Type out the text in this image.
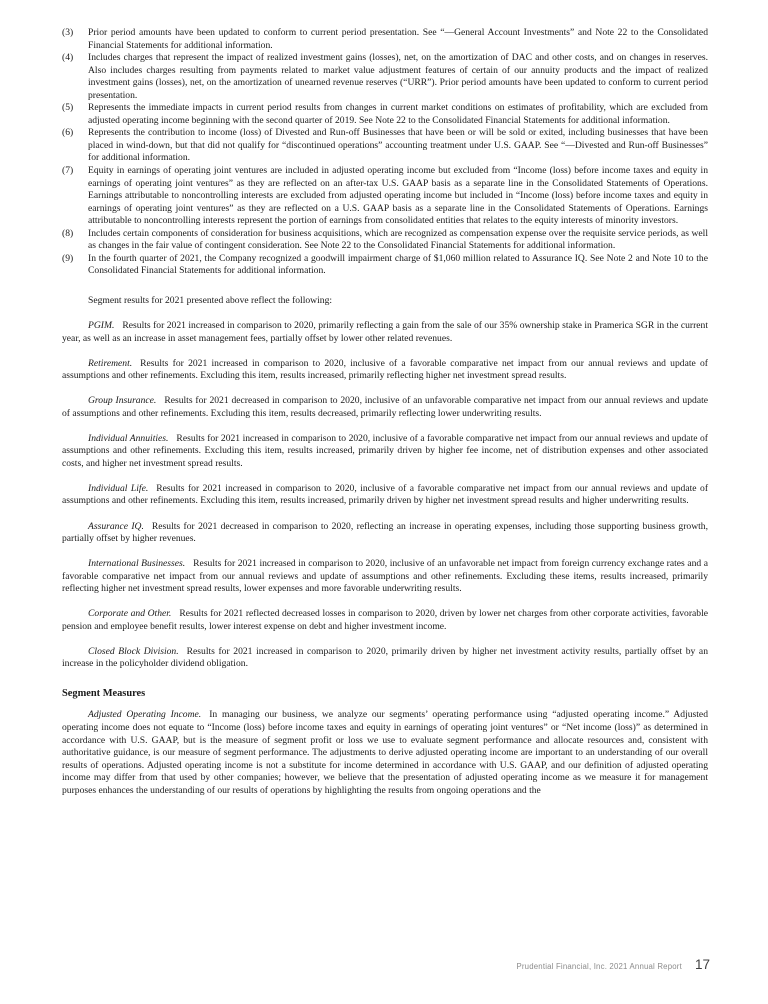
(3) Prior period amounts have been updated to conform to current period presentation. See “—General Account Investments” and Note 22 to the Consolidated Financial Statements for additional information.
(4) Includes charges that represent the impact of realized investment gains (losses), net, on the amortization of DAC and other costs, and on changes in reserves. Also includes charges resulting from payments related to market value adjustment features of certain of our annuity products and the impact of realized investment gains (losses), net, on the amortization of unearned revenue reserves (“URR”). Prior period amounts have been updated to conform to current period presentation.
(5) Represents the immediate impacts in current period results from changes in current market conditions on estimates of profitability, which are excluded from adjusted operating income beginning with the second quarter of 2019. See Note 22 to the Consolidated Financial Statements for additional information.
(6) Represents the contribution to income (loss) of Divested and Run-off Businesses that have been or will be sold or exited, including businesses that have been placed in wind-down, but that did not qualify for “discontinued operations” accounting treatment under U.S. GAAP. See “—Divested and Run-off Businesses” for additional information.
(7) Equity in earnings of operating joint ventures are included in adjusted operating income but excluded from “Income (loss) before income taxes and equity in earnings of operating joint ventures” as they are reflected on an after-tax U.S. GAAP basis as a separate line in the Consolidated Statements of Operations. Earnings attributable to noncontrolling interests are excluded from adjusted operating income but included in “Income (loss) before income taxes and equity in earnings of operating joint ventures” as they are reflected on a U.S. GAAP basis as a separate line in the Consolidated Statements of Operations. Earnings attributable to noncontrolling interests represent the portion of earnings from consolidated entities that relates to the equity interests of minority investors.
(8) Includes certain components of consideration for business acquisitions, which are recognized as compensation expense over the requisite service periods, as well as changes in the fair value of contingent consideration. See Note 22 to the Consolidated Financial Statements for additional information.
(9) In the fourth quarter of 2021, the Company recognized a goodwill impairment charge of $1,060 million related to Assurance IQ. See Note 2 and Note 10 to the Consolidated Financial Statements for additional information.

Segment results for 2021 presented above reflect the following:

PGIM. Results for 2021 increased in comparison to 2020, primarily reflecting a gain from the sale of our 35% ownership stake in Pramerica SGR in the current year, as well as an increase in asset management fees, partially offset by lower other related revenues.

Retirement. Results for 2021 increased in comparison to 2020, inclusive of a favorable comparative net impact from our annual reviews and update of assumptions and other refinements. Excluding this item, results increased, primarily reflecting higher net investment spread results.

Group Insurance. Results for 2021 decreased in comparison to 2020, inclusive of an unfavorable comparative net impact from our annual reviews and update of assumptions and other refinements. Excluding this item, results decreased, primarily reflecting lower underwriting results.

Individual Annuities. Results for 2021 increased in comparison to 2020, inclusive of a favorable comparative net impact from our annual reviews and update of assumptions and other refinements. Excluding this item, results increased, primarily driven by higher fee income, net of distribution expenses and other associated costs, and higher net investment spread results.

Individual Life. Results for 2021 increased in comparison to 2020, inclusive of a favorable comparative net impact from our annual reviews and update of assumptions and other refinements. Excluding this item, results increased, primarily driven by higher net investment spread results and higher underwriting results.

Assurance IQ. Results for 2021 decreased in comparison to 2020, reflecting an increase in operating expenses, including those supporting business growth, partially offset by higher revenues.

International Businesses. Results for 2021 increased in comparison to 2020, inclusive of an unfavorable net impact from foreign currency exchange rates and a favorable comparative net impact from our annual reviews and update of assumptions and other refinements. Excluding these items, results increased, primarily reflecting higher net investment spread results, lower expenses and more favorable underwriting results.

Corporate and Other. Results for 2021 reflected decreased losses in comparison to 2020, driven by lower net charges from other corporate activities, favorable pension and employee benefit results, lower interest expense on debt and higher investment income.

Closed Block Division. Results for 2021 increased in comparison to 2020, primarily driven by higher net investment activity results, partially offset by an increase in the policyholder dividend obligation.

Segment Measures

Adjusted Operating Income. In managing our business, we analyze our segments’ operating performance using “adjusted operating income.” Adjusted operating income does not equate to “Income (loss) before income taxes and equity in earnings of operating joint ventures” or “Net income (loss)” as determined in accordance with U.S. GAAP, but is the measure of segment profit or loss we use to evaluate segment performance and allocate resources and, consistent with authoritative guidance, is our measure of segment performance. The adjustments to derive adjusted operating income are important to an understanding of our overall results of operations. Adjusted operating income is not a substitute for income determined in accordance with U.S. GAAP, and our definition of adjusted operating income may differ from that used by other companies; however, we believe that the presentation of adjusted operating income as we measure it for management purposes enhances the understanding of our results of operations by highlighting the results from ongoing operations and the

Prudential Financial, Inc. 2021 Annual Report 17
